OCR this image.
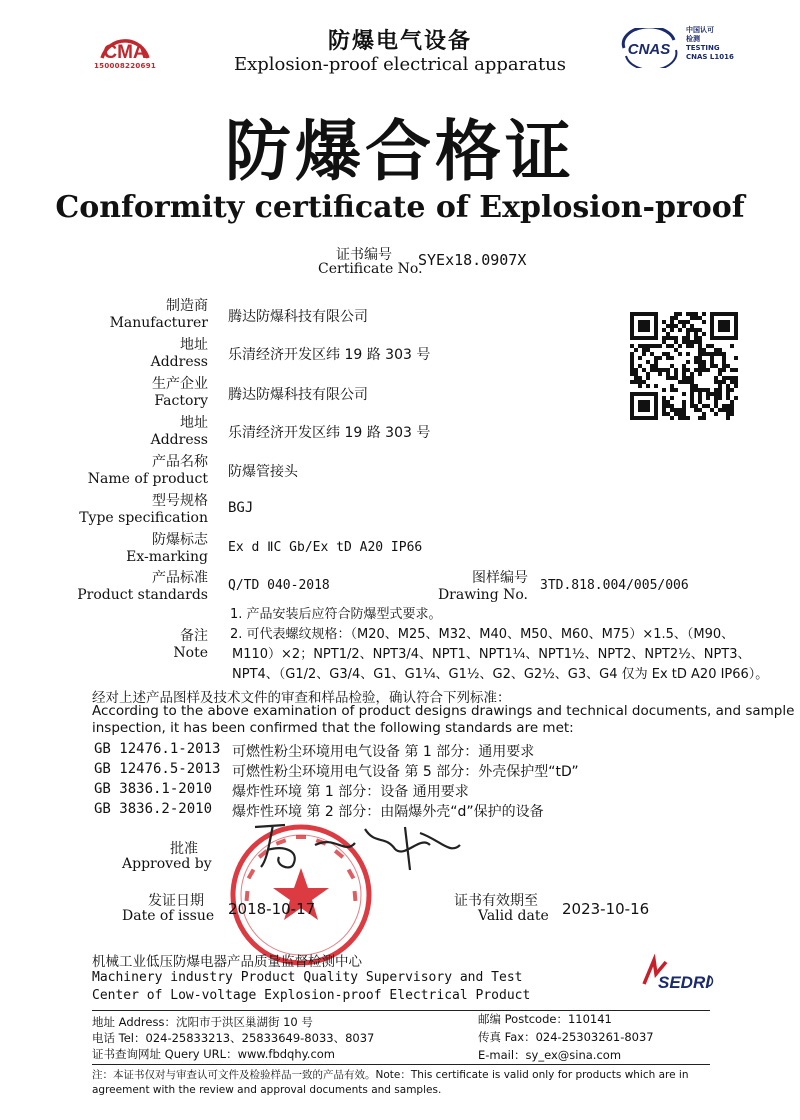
CMA
150008220691
防爆电气设备
Explosion-proof electrical apparatus
CNAS
中国认可
检测
TESTING
CNAS L1016
防爆合格证
Conformity certificate of Explosion-proof
证书编号
Certificate No.
SYEx18.0907X
制造商
Manufacturer 腾达防爆科技有限公司
地址
Address 乐清经济开发区纬 19 路 303 号
生产企业
Factory 腾达防爆科技有限公司
地址
Address 乐清经济开发区纬 19 路 303 号
产品名称
Name of product 防爆管接头
型号规格
Type specification
BGJ
防爆标志
Ex-marking
Ex d ⅡC Gb/Ex tD A20 IP66
产品标准
Product standards
Q/TD 040-2018	图样编号
Drawing No.
3TD.818.004/005/006
备注
Note
1. 产品安装后应符合防爆型式要求。
2. 可代表螺纹规格：（M20、M25、M32、M40、M50、M60、M75）×1.5、（M90、
M110）×2；NPT1/2、NPT3/4、NPT1、NPT1¼、NPT1½、NPT2、NPT2½、NPT3、
NPT4、（G1/2、G3/4、G1、G1¼、G1½、G2、G2½、G3、G4 仅为 Ex tD A20 IP66）。
经对上述产品图样及技术文件的审查和样品检验，确认符合下列标准：
According to the above examination of product designs drawings and technical documents, and sample
inspection, it has been confirmed that the following standards are met:
GB 12476.1-2013 可燃性粉尘环境用电气设备 第 1 部分：通用要求
GB 12476.5-2013 可燃性粉尘环境用电气设备 第 5 部分：外壳保护型“tD”
GB 3836.1-2010 爆炸性环境 第 1 部分：设备 通用要求
GB 3836.2-2010 爆炸性环境 第 2 部分：由隔爆外壳“d”保护的设备
批准
Approved by
发证日期
Date of issue 2018-10-17	证书有效期至
Valid date 2023-10-16
机械工业低压防爆电器产品质量监督检测中心
Machinery industry Product Quality Supervisory and Test
Center of Low-voltage Explosion-proof Electrical Product
SEDRI
地址 Address：沈阳市于洪区巢湖街 10 号
电话 Tel：024-25833213、25833649-8033、8037
证书查询网址 Query URL：www.fbdqhy.com
邮编 Postcode：110141
传真 Fax：024-25303261-8037
E-mail：sy_ex@sina.com
注：本证书仅对与审查认可文件及检验样品一致的产品有效。Note：This certificate is valid only for products which are in
agreement with the review and approval documents and samples.
